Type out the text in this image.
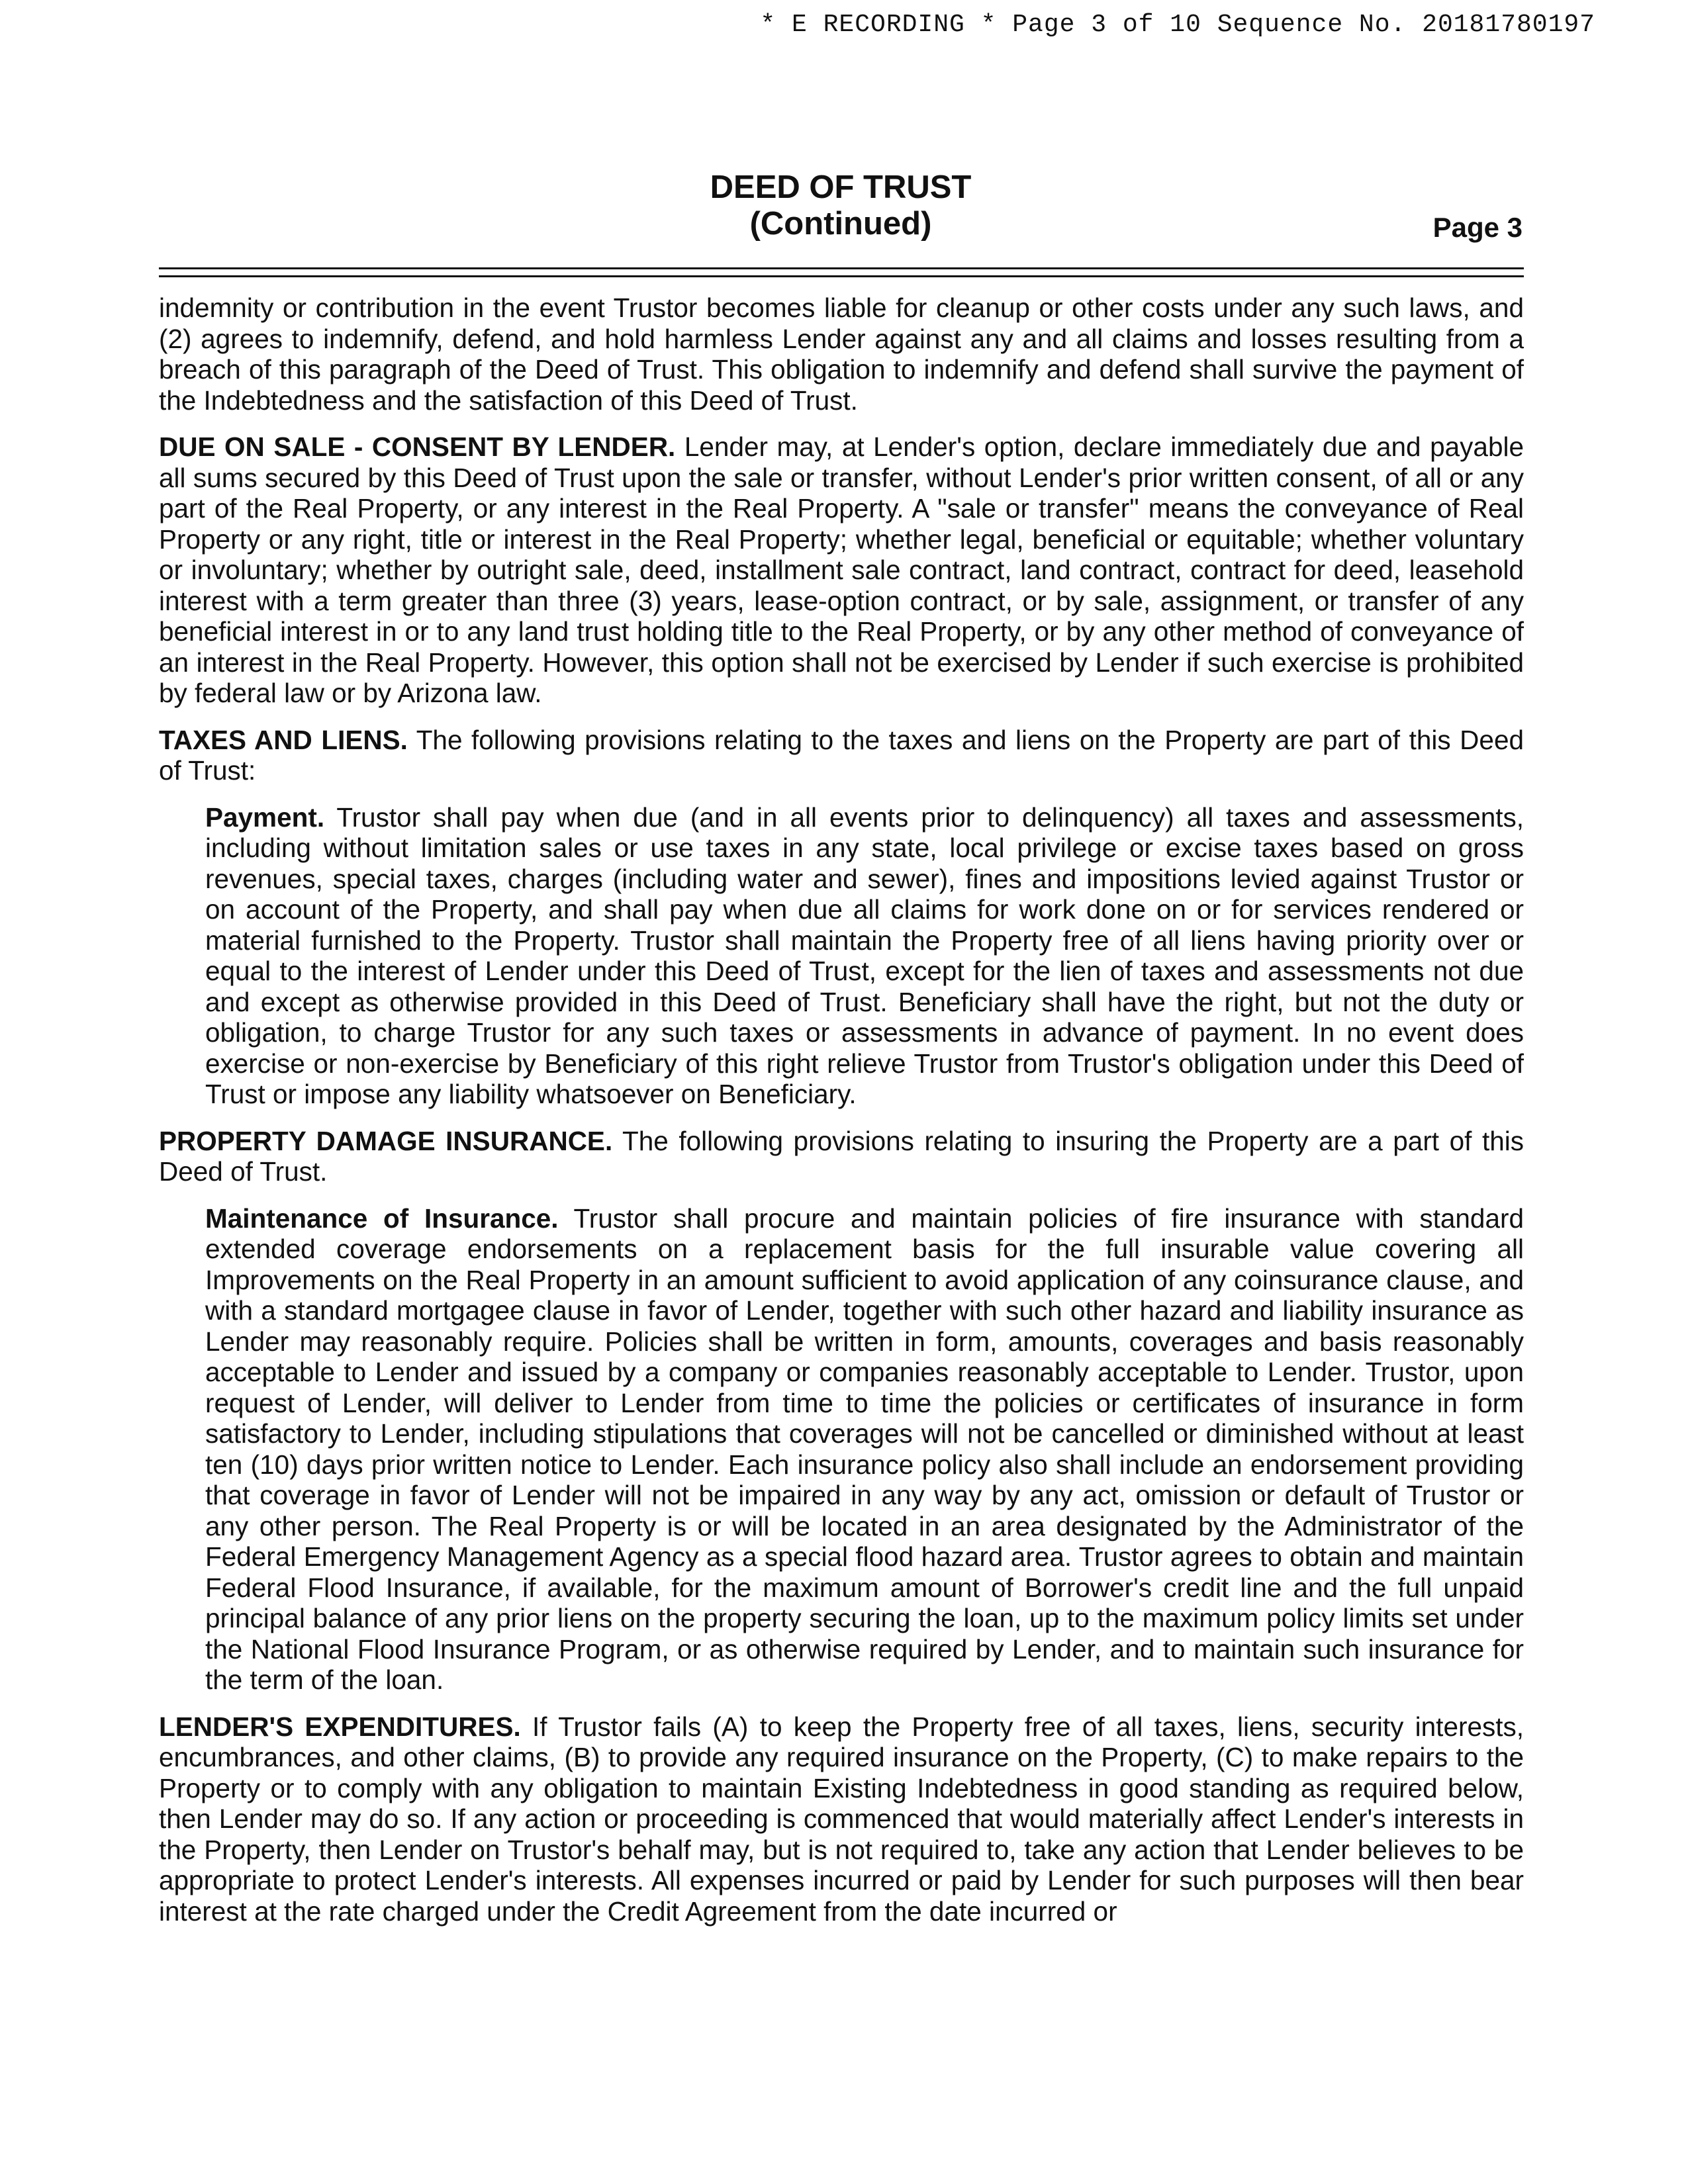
* E RECORDING * Page 3 of 10 Sequence No. 20181780197
DEED OF TRUST
(Continued)	Page 3

indemnity or contribution in the event Trustor becomes liable for cleanup or other costs under any such laws, and (2) agrees to indemnify, defend, and hold harmless Lender against any and all claims and losses resulting from a breach of this paragraph of the Deed of Trust. This obligation to indemnify and defend shall survive the payment of the Indebtedness and the satisfaction of this Deed of Trust.

DUE ON SALE - CONSENT BY LENDER. Lender may, at Lender's option, declare immediately due and payable all sums secured by this Deed of Trust upon the sale or transfer, without Lender's prior written consent, of all or any part of the Real Property, or any interest in the Real Property. A "sale or transfer" means the conveyance of Real Property or any right, title or interest in the Real Property; whether legal, beneficial or equitable; whether voluntary or involuntary; whether by outright sale, deed, installment sale contract, land contract, contract for deed, leasehold interest with a term greater than three (3) years, lease-option contract, or by sale, assignment, or transfer of any beneficial interest in or to any land trust holding title to the Real Property, or by any other method of conveyance of an interest in the Real Property. However, this option shall not be exercised by Lender if such exercise is prohibited by federal law or by Arizona law.

TAXES AND LIENS. The following provisions relating to the taxes and liens on the Property are part of this Deed of Trust:

Payment. Trustor shall pay when due (and in all events prior to delinquency) all taxes and assessments, including without limitation sales or use taxes in any state, local privilege or excise taxes based on gross revenues, special taxes, charges (including water and sewer), fines and impositions levied against Trustor or on account of the Property, and shall pay when due all claims for work done on or for services rendered or material furnished to the Property. Trustor shall maintain the Property free of all liens having priority over or equal to the interest of Lender under this Deed of Trust, except for the lien of taxes and assessments not due and except as otherwise provided in this Deed of Trust. Beneficiary shall have the right, but not the duty or obligation, to charge Trustor for any such taxes or assessments in advance of payment. In no event does exercise or non-exercise by Beneficiary of this right relieve Trustor from Trustor's obligation under this Deed of Trust or impose any liability whatsoever on Beneficiary.

PROPERTY DAMAGE INSURANCE. The following provisions relating to insuring the Property are a part of this Deed of Trust.

Maintenance of Insurance. Trustor shall procure and maintain policies of fire insurance with standard extended coverage endorsements on a replacement basis for the full insurable value covering all Improvements on the Real Property in an amount sufficient to avoid application of any coinsurance clause, and with a standard mortgagee clause in favor of Lender, together with such other hazard and liability insurance as Lender may reasonably require. Policies shall be written in form, amounts, coverages and basis reasonably acceptable to Lender and issued by a company or companies reasonably acceptable to Lender. Trustor, upon request of Lender, will deliver to Lender from time to time the policies or certificates of insurance in form satisfactory to Lender, including stipulations that coverages will not be cancelled or diminished without at least ten (10) days prior written notice to Lender. Each insurance policy also shall include an endorsement providing that coverage in favor of Lender will not be impaired in any way by any act, omission or default of Trustor or any other person. The Real Property is or will be located in an area designated by the Administrator of the Federal Emergency Management Agency as a special flood hazard area. Trustor agrees to obtain and maintain Federal Flood Insurance, if available, for the maximum amount of Borrower's credit line and the full unpaid principal balance of any prior liens on the property securing the loan, up to the maximum policy limits set under the National Flood Insurance Program, or as otherwise required by Lender, and to maintain such insurance for the term of the loan.

LENDER'S EXPENDITURES. If Trustor fails (A) to keep the Property free of all taxes, liens, security interests, encumbrances, and other claims, (B) to provide any required insurance on the Property, (C) to make repairs to the Property or to comply with any obligation to maintain Existing Indebtedness in good standing as required below, then Lender may do so. If any action or proceeding is commenced that would materially affect Lender's interests in the Property, then Lender on Trustor's behalf may, but is not required to, take any action that Lender believes to be appropriate to protect Lender's interests. All expenses incurred or paid by Lender for such purposes will then bear interest at the rate charged under the Credit Agreement from the date incurred or
